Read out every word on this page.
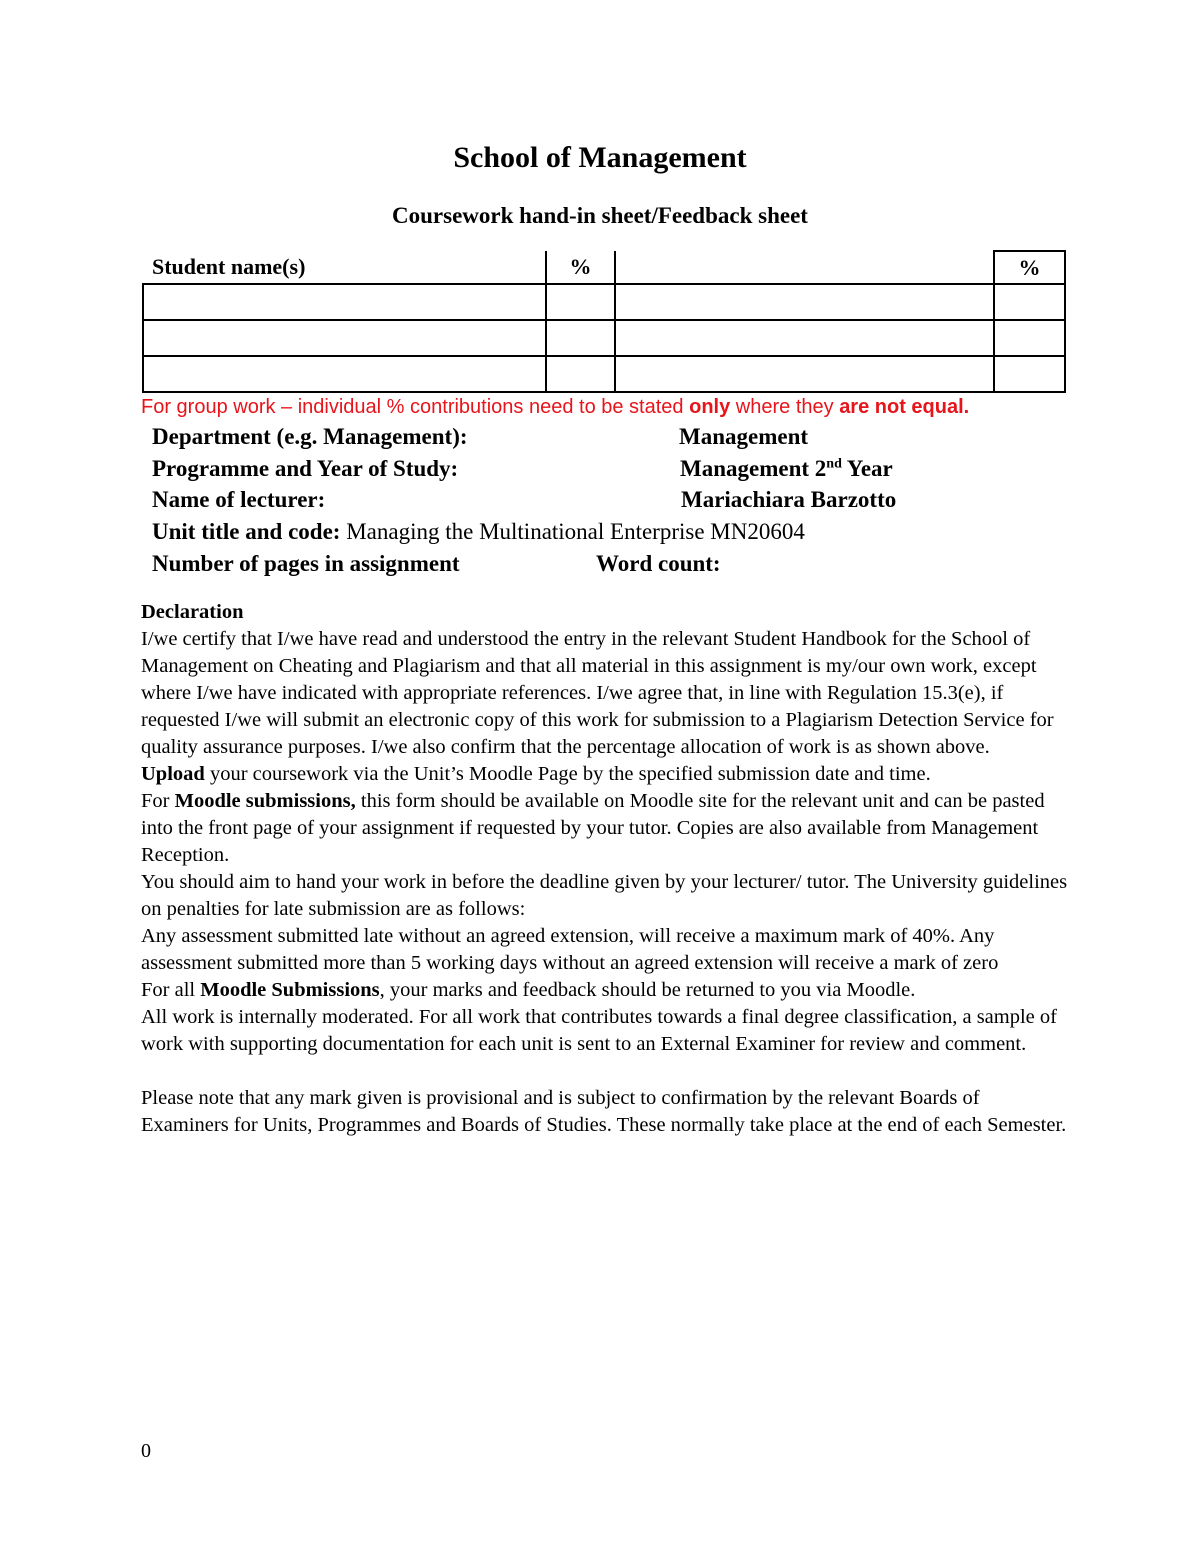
School of Management
Coursework hand-in sheet/Feedback sheet
Student name(s)	%		%

For group work – individual % contributions need to be stated only where they are not equal.
Department (e.g. Management):	Management
Programme and Year of Study:	Management 2nd Year
Name of lecturer:	Mariachiara Barzotto
Unit title and code: Managing the Multinational Enterprise MN20604
Number of pages in assignment	Word count:

Declaration

I/we certify that I/we have read and understood the entry in the relevant Student Handbook for the School of Management on Cheating and Plagiarism and that all material in this assignment is my/our own work, except where I/we have indicated with appropriate references. I/we agree that, in line with Regulation 15.3(e), if requested I/we will submit an electronic copy of this work for submission to a Plagiarism Detection Service for quality assurance purposes. I/we also confirm that the percentage allocation of work is as shown above.

Upload your coursework via the Unit’s Moodle Page by the specified submission date and time.

For Moodle submissions, this form should be available on Moodle site for the relevant unit and can be pasted into the front page of your assignment if requested by your tutor. Copies are also available from Management Reception.

You should aim to hand your work in before the deadline given by your lecturer/ tutor. The University guidelines on penalties for late submission are as follows:

Any assessment submitted late without an agreed extension, will receive a maximum mark of 40%. Any assessment submitted more than 5 working days without an agreed extension will receive a mark of zero

For all Moodle Submissions, your marks and feedback should be returned to you via Moodle.

All work is internally moderated. For all work that contributes towards a final degree classification, a sample of work with supporting documentation for each unit is sent to an External Examiner for review and comment.

Please note that any mark given is provisional and is subject to confirmation by the relevant Boards of Examiners for Units, Programmes and Boards of Studies. These normally take place at the end of each Semester.

0
